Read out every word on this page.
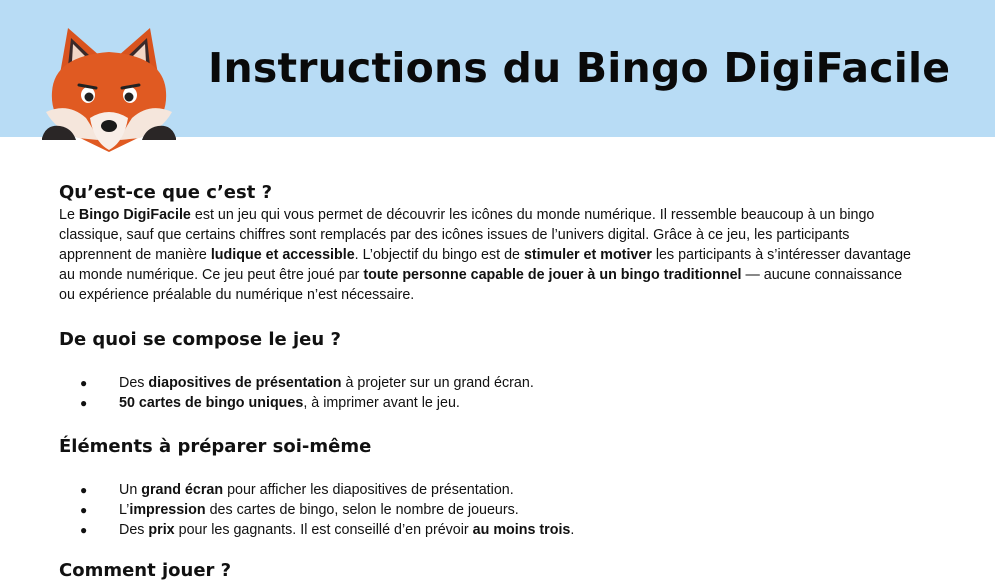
Instructions du Bingo DigiFacile
Qu’est-ce que c’est ?

Le Bingo DigiFacile est un jeu qui vous permet de découvrir les icônes du monde numérique. Il ressemble beaucoup à un bingo classique, sauf que certains chiffres sont remplacés par des icônes issues de l’univers digital. Grâce à ce jeu, les participants apprennent de manière ludique et accessible. L’objectif du bingo est de stimuler et motiver les participants à s’intéresser davantage au monde numérique. Ce jeu peut être joué par toute personne capable de jouer à un bingo traditionnel — aucune connaissance ou expérience préalable du numérique n’est nécessaire.

De quoi se compose le jeu ?
● Des diapositives de présentation à projeter sur un grand écran.
● 50 cartes de bingo uniques, à imprimer avant le jeu.
Éléments à préparer soi-même
● Un grand écran pour afficher les diapositives de présentation.
● L’impression des cartes de bingo, selon le nombre de joueurs.
● Des prix pour les gagnants. Il est conseillé d’en prévoir au moins trois.
Comment jouer ?
